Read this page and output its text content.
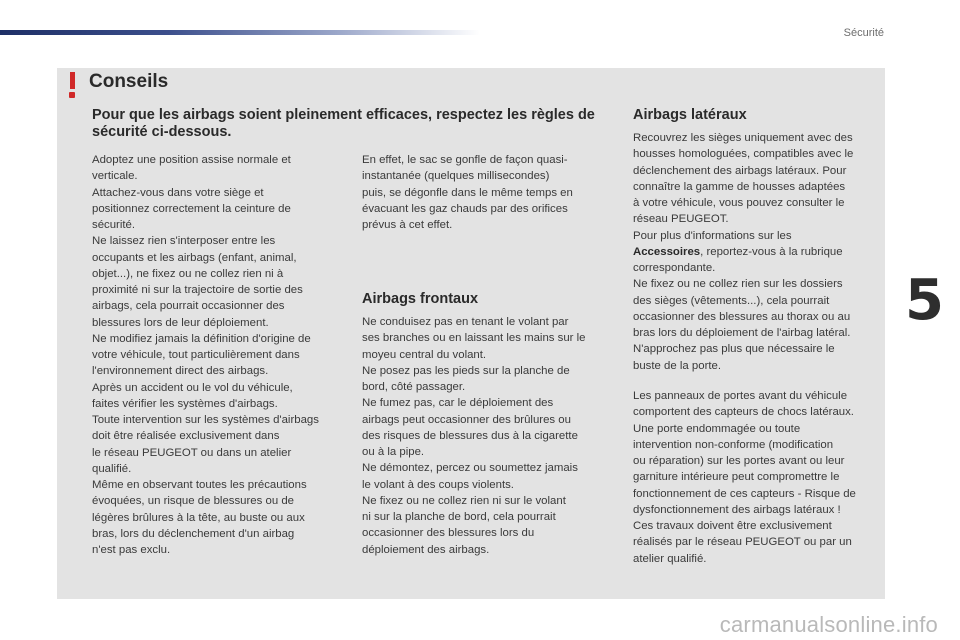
Sécurité
5
Conseils
Pour que les airbags soient pleinement efficaces, respectez les règles de sécurité ci-dessous.

Adoptez une position assise normale et

verticale.

Attachez-vous dans votre siège et

positionnez correctement la ceinture de

sécurité.

Ne laissez rien s'interposer entre les

occupants et les airbags (enfant, animal,

objet...), ne fixez ou ne collez rien ni à

proximité ni sur la trajectoire de sortie des

airbags, cela pourrait occasionner des

blessures lors de leur déploiement.

Ne modifiez jamais la définition d'origine de

votre véhicule, tout particulièrement dans

l'environnement direct des airbags.

Après un accident ou le vol du véhicule,

faites vérifier les systèmes d'airbags.

Toute intervention sur les systèmes d'airbags

doit être réalisée exclusivement dans

le réseau PEUGEOT ou dans un atelier

qualifié.

Même en observant toutes les précautions

évoquées, un risque de blessures ou de

légères brûlures à la tête, au buste ou aux

bras, lors du déclenchement d'un airbag

n'est pas exclu.

En effet, le sac se gonfle de façon quasi-

instantanée (quelques millisecondes)

puis, se dégonfle dans le même temps en

évacuant les gaz chauds par des orifices

prévus à cet effet.

Airbags frontaux

Ne conduisez pas en tenant le volant par

ses branches ou en laissant les mains sur le

moyeu central du volant.

Ne posez pas les pieds sur la planche de

bord, côté passager.

Ne fumez pas, car le déploiement des

airbags peut occasionner des brûlures ou

des risques de blessures dus à la cigarette

ou à la pipe.

Ne démontez, percez ou soumettez jamais

le volant à des coups violents.

Ne fixez ou ne collez rien ni sur le volant

ni sur la planche de bord, cela pourrait

occasionner des blessures lors du

déploiement des airbags.

Airbags latéraux

Recouvrez les sièges uniquement avec des

housses homologuées, compatibles avec le

déclenchement des airbags latéraux. Pour

connaître la gamme de housses adaptées

à votre véhicule, vous pouvez consulter le

réseau PEUGEOT.

Pour plus d'informations sur les

Accessoires, reportez-vous à la rubrique

correspondante.

Ne fixez ou ne collez rien sur les dossiers

des sièges (vêtements...), cela pourrait

occasionner des blessures au thorax ou au

bras lors du déploiement de l'airbag latéral.

N'approchez pas plus que nécessaire le

buste de la porte.

Les panneaux de portes avant du véhicule

comportent des capteurs de chocs latéraux.

Une porte endommagée ou toute

intervention non-conforme (modification

ou réparation) sur les portes avant ou leur

garniture intérieure peut compromettre le

fonctionnement de ces capteurs - Risque de

dysfonctionnement des airbags latéraux !

Ces travaux doivent être exclusivement

réalisés par le réseau PEUGEOT ou par un

atelier qualifié.

carmanualsonline.info
